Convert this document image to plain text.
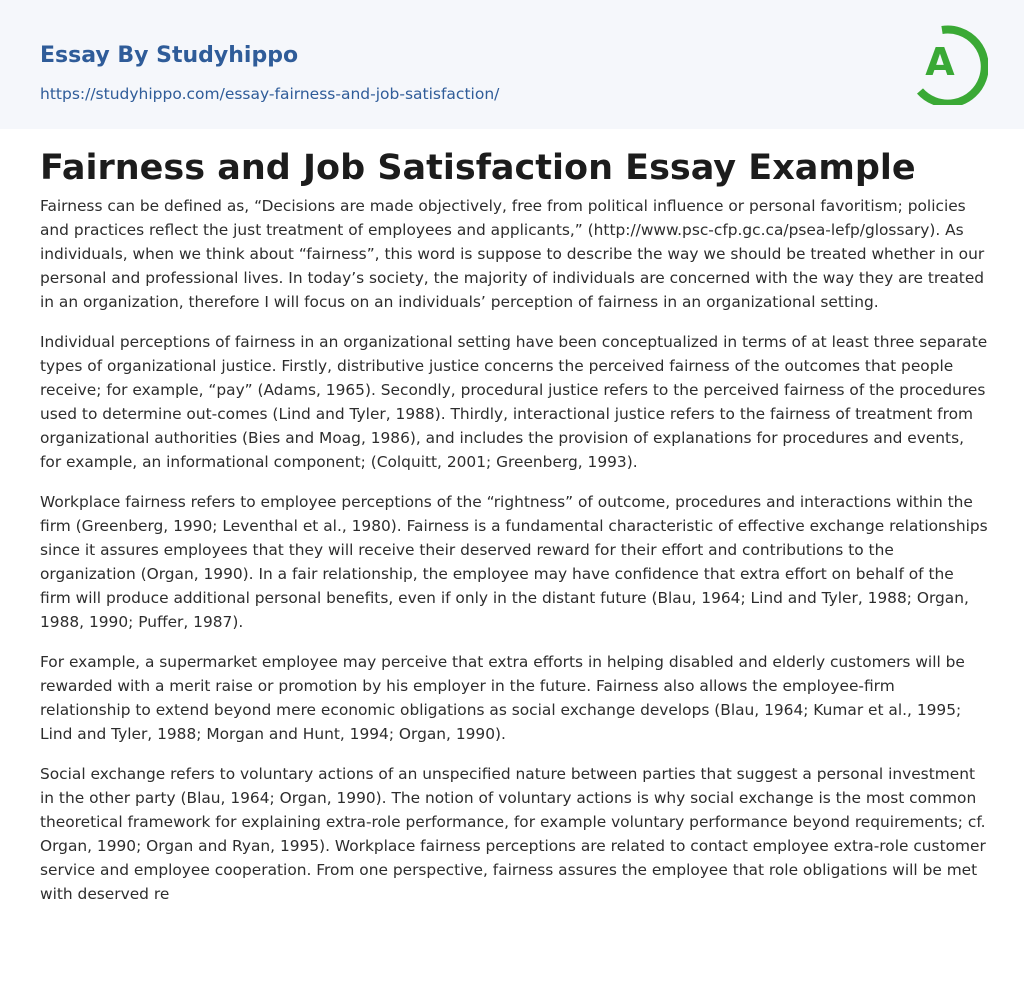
Essay By Studyhippo
https://studyhippo.com/essay-fairness-and-job-satisfaction/
A
Fairness and Job Satisfaction Essay Example

Fairness can be defined as, “Decisions are made objectively, free from political influence or personal favoritism; policies and practices reflect the just treatment of employees and applicants,” (http://www.psc-cfp.gc.ca/psea-lefp/glossary). As individuals, when we think about “fairness”, this word is suppose to describe the way we should be treated whether in our personal and professional lives. In today’s society, the majority of individuals are concerned with the way they are treated in an organization, therefore I will focus on an individuals’ perception of fairness in an organizational setting.

Individual perceptions of fairness in an organizational setting have been conceptualized in terms of at least three separate types of organizational justice. Firstly, distributive justice concerns the perceived fairness of the outcomes that people receive; for example, “pay” (Adams, 1965). Secondly, procedural justice refers to the perceived fairness of the procedures used to determine out-comes (Lind and Tyler, 1988). Thirdly, interactional justice refers to the fairness of treatment from organizational authorities (Bies and Moag, 1986), and includes the provision of explanations for procedures and events, for example, an informational component; (Colquitt, 2001; Greenberg, 1993).

Workplace fairness refers to employee perceptions of the “rightness” of outcome, procedures and interactions within the firm (Greenberg, 1990; Leventhal et al., 1980). Fairness is a fundamental characteristic of effective exchange relationships since it assures employees that they will receive their deserved reward for their effort and contributions to the organization (Organ, 1990). In a fair relationship, the employee may have confidence that extra effort on behalf of the firm will produce additional personal benefits, even if only in the distant future (Blau, 1964; Lind and Tyler, 1988; Organ, 1988, 1990; Puffer, 1987).

For example, a supermarket employee may perceive that extra efforts in helping disabled and elderly customers will be rewarded with a merit raise or promotion by his employer in the future. Fairness also allows the employee-firm relationship to extend beyond mere economic obligations as social exchange develops (Blau, 1964; Kumar et al., 1995; Lind and Tyler, 1988; Morgan and Hunt, 1994; Organ, 1990).

Social exchange refers to voluntary actions of an unspecified nature between parties that suggest a personal investment in the other party (Blau, 1964; Organ, 1990). The notion of voluntary actions is why social exchange is the most common theoretical framework for explaining extra-role performance, for example voluntary performance beyond requirements; cf. Organ, 1990; Organ and Ryan, 1995). Workplace fairness perceptions are related to contact employee extra-role customer service and employee cooperation. From one perspective, fairness assures the employee that role obligations will be met with deserved re
